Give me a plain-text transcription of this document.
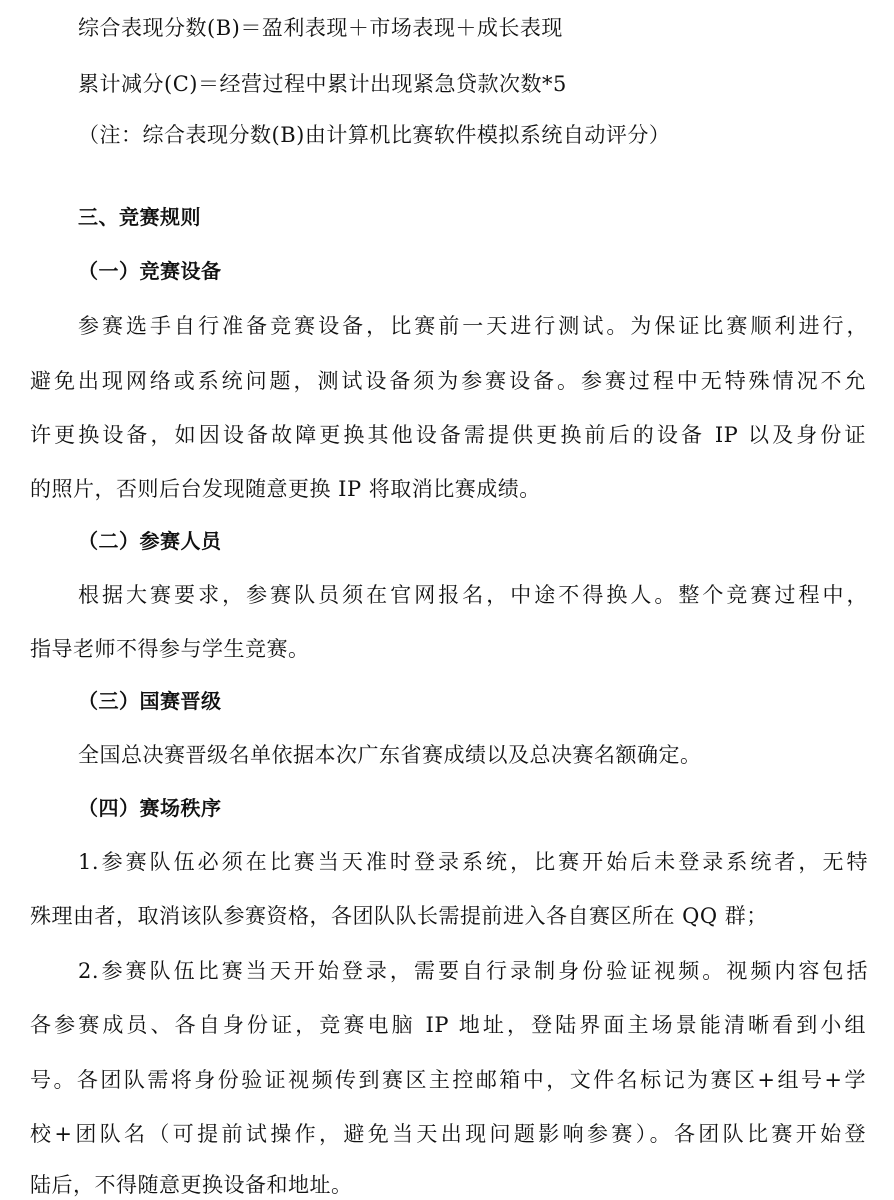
综合表现分数(B)＝盈利表现＋市场表现＋成长表现
累计减分(C)＝经营过程中累计出现紧急贷款次数*5
（注：综合表现分数(B)由计算机比赛软件模拟系统自动评分）
三、竞赛规则
（一）竞赛设备
参赛选手自行准备竞赛设备，比赛前一天进行测试。为保证比赛顺利进行，
避免出现网络或系统问题，测试设备须为参赛设备。参赛过程中无特殊情况不允
许更换设备，如因设备故障更换其他设备需提供更换前后的设备 IP 以及身份证
的照片，否则后台发现随意更换 IP 将取消比赛成绩。
（二）参赛人员
根据大赛要求，参赛队员须在官网报名，中途不得换人。整个竞赛过程中，
指导老师不得参与学生竞赛。
（三）国赛晋级
全国总决赛晋级名单依据本次广东省赛成绩以及总决赛名额确定。
（四）赛场秩序
1.参赛队伍必须在比赛当天准时登录系统，比赛开始后未登录系统者，无特
殊理由者，取消该队参赛资格，各团队队长需提前进入各自赛区所在 QQ 群；
2.参赛队伍比赛当天开始登录，需要自行录制身份验证视频。视频内容包括
各参赛成员、各自身份证，竞赛电脑 IP 地址，登陆界面主场景能清晰看到小组
号。各团队需将身份验证视频传到赛区主控邮箱中，文件名标记为赛区+组号+学
校+团队名（可提前试操作，避免当天出现问题影响参赛）。各团队比赛开始登
陆后，不得随意更换设备和地址。
